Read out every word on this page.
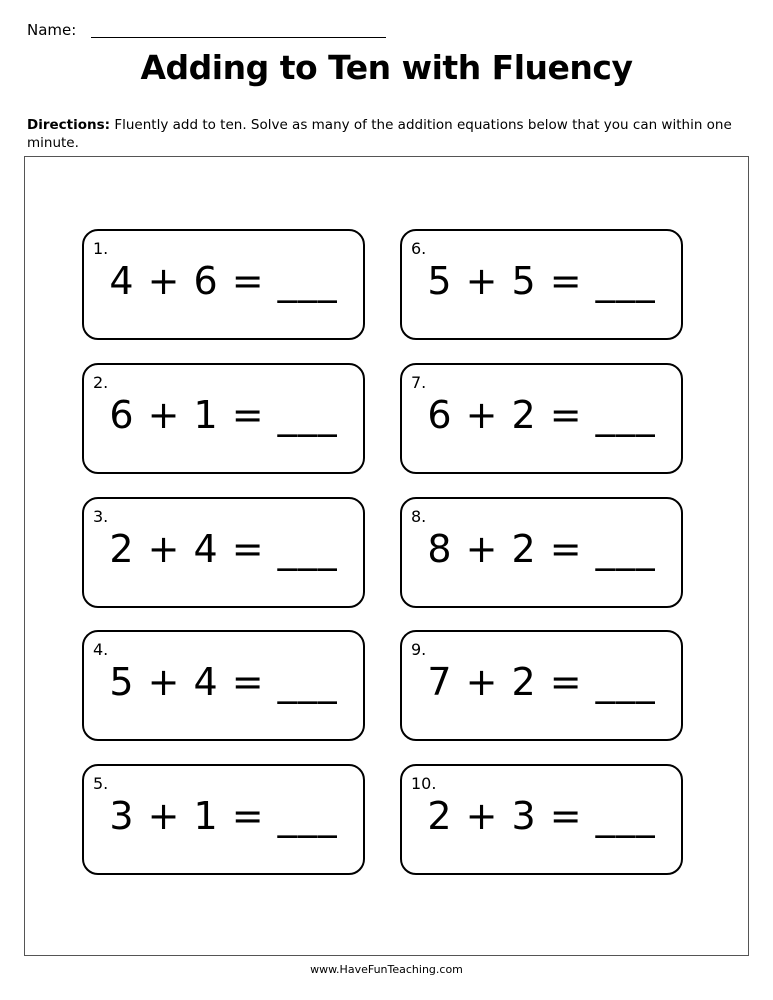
Name:
Adding to Ten with Fluency
Directions: Fluently add to ten. Solve as many of the addition equations below that you can within one minute.
1.
4 + 6 = ___
2.
6 + 1 = ___
3.
2 + 4 = ___
4.
5 + 4 = ___
5.
3 + 1 = ___
6.
5 + 5 = ___
7.
6 + 2 = ___
8.
8 + 2 = ___
9.
7 + 2 = ___
10.
2 + 3 = ___
www.HaveFunTeaching.com
